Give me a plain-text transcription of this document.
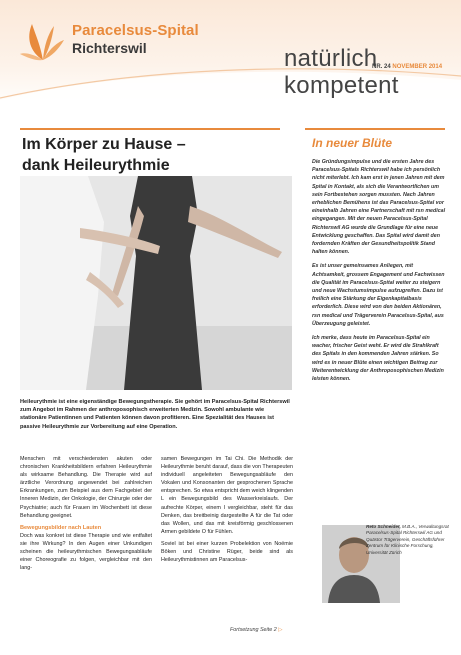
Paracelsus-Spital
Richterswil	natürlich
NR. 24 NOVEMBER 2014
kompetent
Im Körper zu Hause –
dank Heileurythmie
Heileurythmie ist eine eigenständige Bewegungstherapie. Sie gehört im Paracelsus-Spital Richterswil zum Angebot im Rahmen der anthroposophisch erweiterten Medizin. Sowohl ambulante wie stationäre Patientinnen und Patienten können davon profitieren. Eine Spezialität des Hauses ist passive Heileurythmie zur Vorbereitung auf eine Operation.
Menschen mit verschiedensten akuten oder chronischen Krankheitsbildern erfahren Heileurythmie als wirksame Behandlung. Die Therapie wird auf ärztliche Verordnung angewendet bei zahlreichen Erkrankungen, zum Beispiel aus dem Fachgebiet der Inneren Medizin, der Onkologie, der Chirurgie oder der Psychiatrie; auch für Frauen im Wochenbett ist diese Behandlung geeignet.
Bewegungsbilder nach Lauten
Doch was konkret ist diese Therapie und wie entfaltet sie ihre Wirkung? In den Augen einer Unkundigen scheinen die heileurythmischen Bewegungsabläufe einer Choreografie zu folgen, vergleichbar mit den lang-
samen Bewegungen im Tai Chi. Die Methodik der Heileurythmie beruht darauf, dass die von Therapeuten individuell angeleiteten Bewegungsabläufe den Vokalen und Konsonanten der gesprochenen Sprache entsprechen. So etwa entspricht dem weich klingenden L ein Bewegungsbild des Wasserkreislaufs. Der aufrechte Körper, einem I vergleichbar, steht für das Denken, das breitbeinig dargestellte A für die Tat oder das Wollen, und das mit kreisförmig geschlossenen Armen gebildete O für Fühlen.
Soviel ist bei einer kurzen Probelektion von Noëmie Bôken und Christine Rüger, beide sind als Heileurythmistinnen am Paracelsus-
Fortsetzung Seite 2 ▷
In neuer Blüte
Die Gründungsimpulse und die ersten Jahre des Paracelsus-Spitals Richterswil habe ich persönlich nicht miterlebt. Ich kam erst in jenen Jahren mit dem Spital in Kontakt, als sich die Verantwortlichen um sein Fortbestehen sorgen mussten. Nach Jahren erheblichen Bemühens ist das Paracelsus-Spital vor eineinhalb Jahren eine Partnerschaft mit rsn medical eingegangen. Mit der neuen Paracelsus-Spital Richterswil AG wurde die Grundlage für eine neue Entwicklung geschaffen. Das Spital wird damit den fordernden Kräften der Gesundheitspolitik Stand halten können.
Es ist unser gemeinsames Anliegen, mit Achtsamkeit, grossem Engagement und Fachwissen die Qualität im Paracelsus-Spital weiter zu steigern und neue Wachstumsimpulse aufzugreifen. Dazu ist freilich eine Stärkung der Eigenkapitalbasis erforderlich. Diese wird von den beiden Aktionären, rsn medical und Trägerverein Paracelsus-Spital, aus Überzeugung geleistet.
Ich merke, dass heute im Paracelsus-Spital ein wacher, frischer Geist weht. Er wird die Strahlkraft des Spitals in den kommenden Jahren stärken. So wird es in neuer Blüte einen wichtigen Beitrag zur Weiterentwicklung der Anthroposophischen Medizin leisten können.
Reto Schneider, M.B.A., Verwaltungsrat Paracelsus-Spital Richterswil AG und Quästor Trägerverein, Geschäftsführer Zentrum für Klinische Forschung, Universität Zürich
